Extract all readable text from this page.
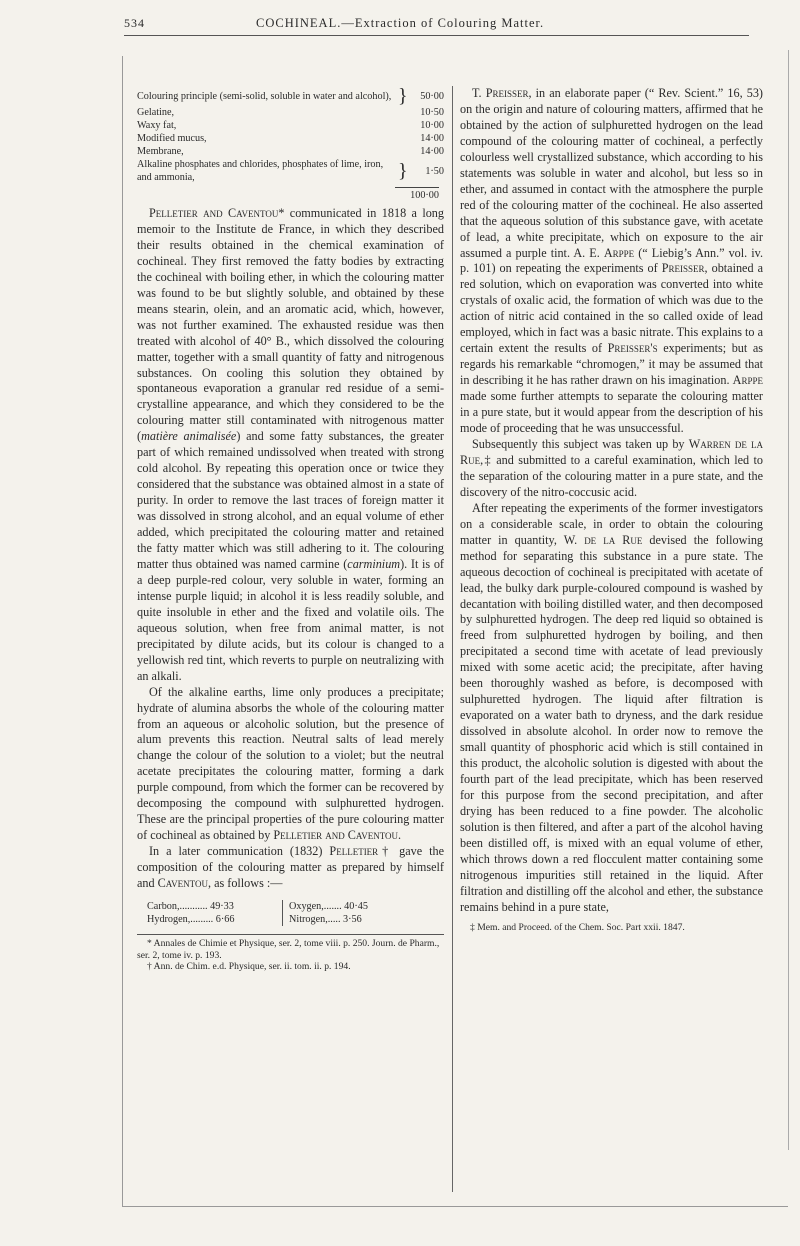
534	COCHINEAL.—Extraction of Colouring Matter.
Colouring principle (semi-solid, soluble in water and alcohol), }	50·00
Gelatine,	10·50
Waxy fat,	10·00
Modified mucus,	14·00
Membrane,	14·00
Alkaline phosphates and chlorides, phosphates of lime, iron, and ammonia,	}	1·50
100·00

Pelletier and Caventou* communicated in 1818 a long memoir to the Institute de France, in which they described their results obtained in the chemical examination of cochineal. They first removed the fatty bodies by extracting the cochineal with boiling ether, in which the colouring matter was found to be but slightly soluble, and obtained by these means stearin, olein, and an aromatic acid, which, however, was not further examined. The exhausted residue was then treated with alcohol of 40° B., which dissolved the colouring matter, together with a small quantity of fatty and nitrogenous substances. On cooling this solution they obtained by spontaneous evaporation a granular red residue of a semi-crystalline appearance, and which they considered to be the colouring matter still contaminated with nitrogenous matter (matière animalisée) and some fatty substances, the greater part of which remained undissolved when treated with strong cold alcohol. By repeating this operation once or twice they considered that the substance was obtained almost in a state of purity. In order to remove the last traces of foreign matter it was dissolved in strong alcohol, and an equal volume of ether added, which precipitated the colouring matter and retained the fatty matter which was still adhering to it. The colouring matter thus obtained was named carmine (carminium). It is of a deep purple-red colour, very soluble in water, forming an intense purple liquid; in alcohol it is less readily soluble, and quite insoluble in ether and the fixed and volatile oils. The aqueous solution, when free from animal matter, is not precipitated by dilute acids, but its colour is changed to a yellowish red tint, which reverts to purple on neutralizing with an alkali.

Of the alkaline earths, lime only produces a precipitate; hydrate of alumina absorbs the whole of the colouring matter from an aqueous or alcoholic solution, but the presence of alum prevents this reaction. Neutral salts of lead merely change the colour of the solution to a violet; but the neutral acetate precipitates the colouring matter, forming a dark purple compound, from which the former can be recovered by decomposing the compound with sulphuretted hydrogen. These are the principal properties of the pure colouring matter of cochineal as obtained by Pelletier and Caventou.

In a later communication (1832) Pelletier† gave the composition of the colouring matter as prepared by himself and Caventou, as follows :—

Carbon,........... 49·33
Hydrogen,......... 6·66
Oxygen,....... 40·45
Nitrogen,..... 3·56

* Annales de Chimie et Physique, ser. 2, tome viii. p. 250. Journ. de Pharm., ser. 2, tome iv. p. 193.

† Ann. de Chim. e.d. Physique, ser. ii. tom. ii. p. 194.

T. Preisser, in an elaborate paper (“ Rev. Scient.” 16, 53) on the origin and nature of colouring matters, affirmed that he obtained by the action of sulphuretted hydrogen on the lead compound of the colouring matter of cochineal, a perfectly colourless well crystallized substance, which according to his statements was soluble in water and alcohol, but less so in ether, and assumed in contact with the atmosphere the purple red of the colouring matter of the cochineal. He also asserted that the aqueous solution of this substance gave, with acetate of lead, a white precipitate, which on exposure to the air assumed a purple tint. A. E. Arppe (“ Liebig’s Ann.” vol. iv. p. 101) on repeating the experiments of Preisser, obtained a red solution, which on evaporation was converted into white crystals of oxalic acid, the formation of which was due to the action of nitric acid contained in the so called oxide of lead employed, which in fact was a basic nitrate. This explains to a certain extent the results of Preisser's experiments; but as regards his remarkable “chromogen,” it may be assumed that in describing it he has rather drawn on his imagination. Arppe made some further attempts to separate the colouring matter in a pure state, but it would appear from the description of his mode of proceeding that he was unsuccessful.

Subsequently this subject was taken up by Warren de la Rue,‡ and submitted to a careful examination, which led to the separation of the colouring matter in a pure state, and the discovery of the nitro-coccusic acid.

After repeating the experiments of the former investigators on a considerable scale, in order to obtain the colouring matter in quantity, W. de la Rue devised the following method for separating this substance in a pure state. The aqueous decoction of cochineal is precipitated with acetate of lead, the bulky dark purple-coloured compound is washed by decantation with boiling distilled water, and then decomposed by sulphuretted hydrogen. The deep red liquid so obtained is freed from sulphuretted hydrogen by boiling, and then precipitated a second time with acetate of lead previously mixed with some acetic acid; the precipitate, after having been thoroughly washed as before, is decomposed with sulphuretted hydrogen. The liquid after filtration is evaporated on a water bath to dryness, and the dark residue dissolved in absolute alcohol. In order now to remove the small quantity of phosphoric acid which is still contained in this product, the alcoholic solution is digested with about the fourth part of the lead precipitate, which has been reserved for this purpose from the second precipitation, and after drying has been reduced to a fine powder. The alcoholic solution is then filtered, and after a part of the alcohol having been distilled off, is mixed with an equal volume of ether, which throws down a red flocculent matter containing some nitrogenous impurities still retained in the liquid. After filtration and distilling off the alcohol and ether, the substance remains behind in a pure state,

‡ Mem. and Proceed. of the Chem. Soc. Part xxii. 1847.
